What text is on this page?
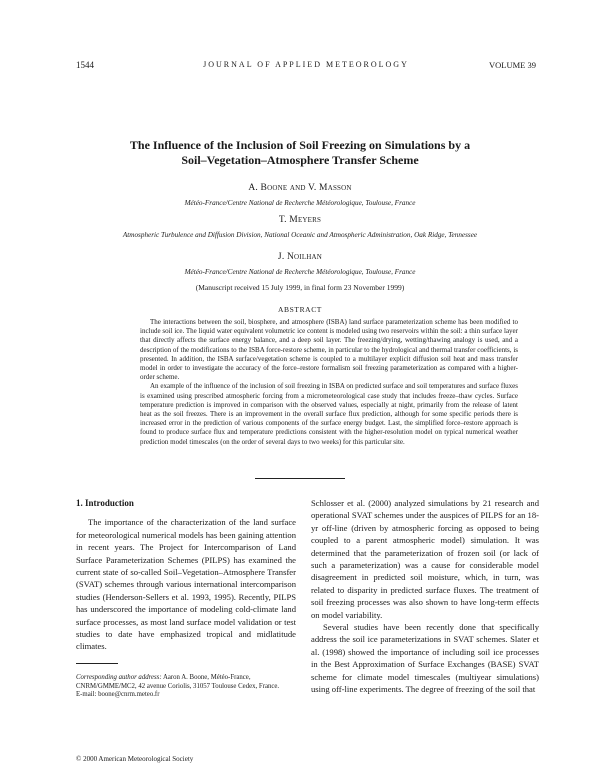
1544	JOURNAL OF APPLIED METEOROLOGY	VOLUME 39
The Influence of the Inclusion of Soil Freezing on Simulations by a
Soil–Vegetation–Atmosphere Transfer Scheme
A. Boone and V. Masson
Météo-France/Centre National de Recherche Météorologique, Toulouse, France
T. Meyers
Atmospheric Turbulence and Diffusion Division, National Oceanic and Atmospheric Administration, Oak Ridge, Tennessee
J. Noilhan
Météo-France/Centre National de Recherche Météorologique, Toulouse, France
(Manuscript received 15 July 1999, in final form 23 November 1999)
ABSTRACT

The interactions between the soil, biosphere, and atmosphere (ISBA) land surface parameterization scheme has been modified to include soil ice. The liquid water equivalent volumetric ice content is modeled using two reservoirs within the soil: a thin surface layer that directly affects the surface energy balance, and a deep soil layer. The freezing/drying, wetting/thawing analogy is used, and a description of the modifications to the ISBA force-restore scheme, in particular to the hydrological and thermal transfer coefficients, is presented. In addition, the ISBA surface/vegetation scheme is coupled to a multilayer explicit diffusion soil heat and mass transfer model in order to investigate the accuracy of the force–restore formalism soil freezing parameterization as compared with a higher-order scheme.

An example of the influence of the inclusion of soil freezing in ISBA on predicted surface and soil temperatures and surface fluxes is examined using prescribed atmospheric forcing from a micrometeorological case study that includes freeze–thaw cycles. Surface temperature prediction is improved in comparison with the observed values, especially at night, primarily from the release of latent heat as the soil freezes. There is an improvement in the overall surface flux prediction, although for some specific periods there is increased error in the prediction of various components of the surface energy budget. Last, the simplified force–restore approach is found to produce surface flux and temperature predictions consistent with the higher-resolution model on typical numerical weather prediction model timescales (on the order of several days to two weeks) for this particular site.

1. Introduction

The importance of the characterization of the land surface for meteorological numerical models has been gaining attention in recent years. The Project for Intercomparison of Land Surface Parameterization Schemes (PILPS) has examined the current state of so-called Soil–Vegetation–Atmosphere Transfer (SVAT) schemes through various international intercomparison studies (Henderson-Sellers et al. 1993, 1995). Recently, PILPS has underscored the importance of modeling cold-climate land surface processes, as most land surface model validation or test studies to date have emphasized tropical and midlatitude climates.

Schlosser et al. (2000) analyzed simulations by 21 research and operational SVAT schemes under the auspices of PILPS for an 18-yr off-line (driven by atmospheric forcing as opposed to being coupled to a parent atmospheric model) simulation. It was determined that the parameterization of frozen soil (or lack of such a parameterization) was a cause for considerable model disagreement in predicted soil moisture, which, in turn, was related to disparity in predicted surface fluxes. The treatment of soil freezing processes was also shown to have long-term effects on model variability.

Several studies have been recently done that specifically address the soil ice parameterizations in SVAT schemes. Slater et al. (1998) showed the importance of including soil ice processes in the Best Approximation of Surface Exchanges (BASE) SVAT scheme for climate model timescales (multiyear simulations) using off-line experiments. The degree of freezing of the soil that

Corresponding author address: Aaron A. Boone, Météo-France, CNRM/GMME/MC2, 42 avenue Coriolis, 31057 Toulouse Cedex, France.

E-mail: boone@cnrm.meteo.fr

© 2000 American Meteorological Society
